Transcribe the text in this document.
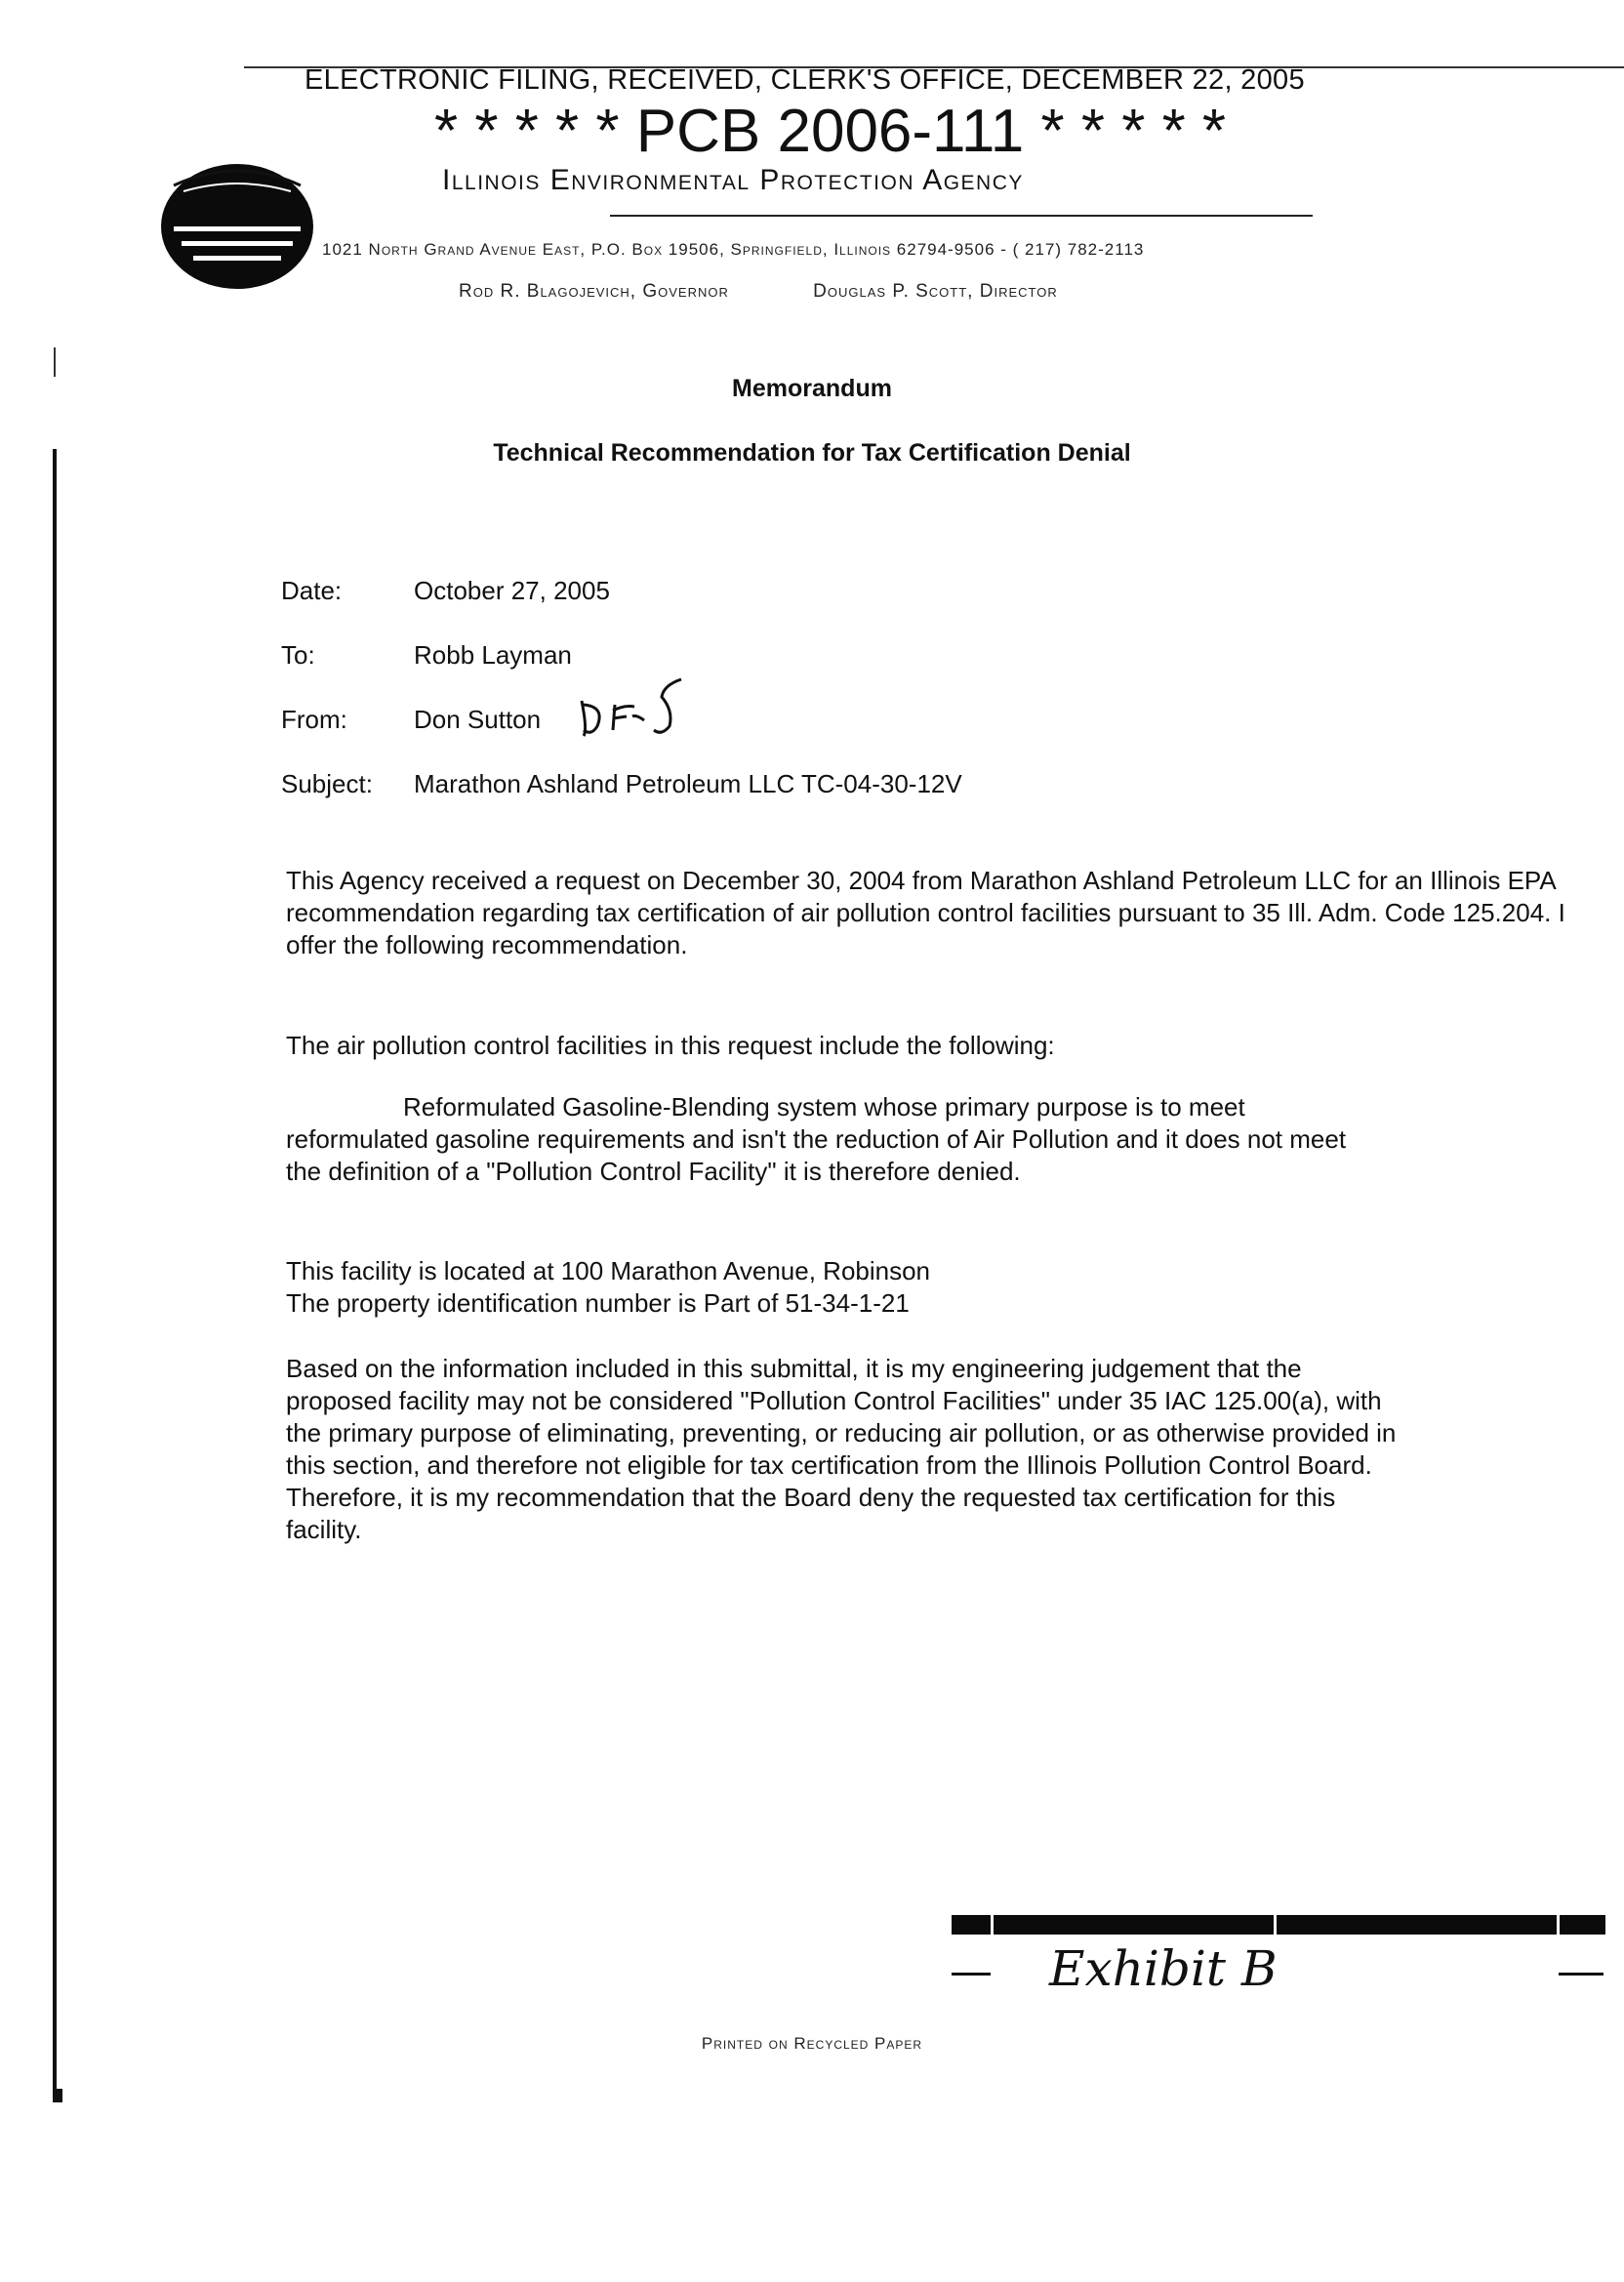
ELECTRONIC FILING, RECEIVED, CLERK'S OFFICE, DECEMBER 22, 2005
* * * * * PCB 2006-111 * * * * *
Illinois Environmental Protection Agency
1021 North Grand Avenue East, P.O. Box 19506, Springfield, Illinois 62794-9506 - ( 217) 782-2113
Rod R. Blagojevich, Governor	Douglas P. Scott, Director
Memorandum
Technical Recommendation for Tax Certification Denial
Date:	October 27, 2005
To:	Robb Layman
From:	Don Sutton
Subject: Marathon Ashland Petroleum LLC TC-04-30-12V
This Agency received a request on December 30, 2004 from Marathon Ashland Petroleum LLC for an Illinois EPA recommendation regarding tax certification of air pollution control facilities pursuant to 35 Ill. Adm. Code 125.204. I offer the following recommendation.
The air pollution control facilities in this request include the following:
Reformulated Gasoline-Blending system whose primary purpose is to meet reformulated gasoline requirements and isn't the reduction of Air Pollution and it does not meet the definition of a "Pollution Control Facility" it is therefore denied.
This facility is located at 100 Marathon Avenue, Robinson
The property identification number is Part of 51-34-1-21
Based on the information included in this submittal, it is my engineering judgement that the proposed facility may not be considered "Pollution Control Facilities" under 35 IAC 125.00(a), with the primary purpose of eliminating, preventing, or reducing air pollution, or as otherwise provided in this section, and therefore not eligible for tax certification from the Illinois Pollution Control Board. Therefore, it is my recommendation that the Board deny the requested tax certification for this facility.
Exhibit B
Printed on Recycled Paper
